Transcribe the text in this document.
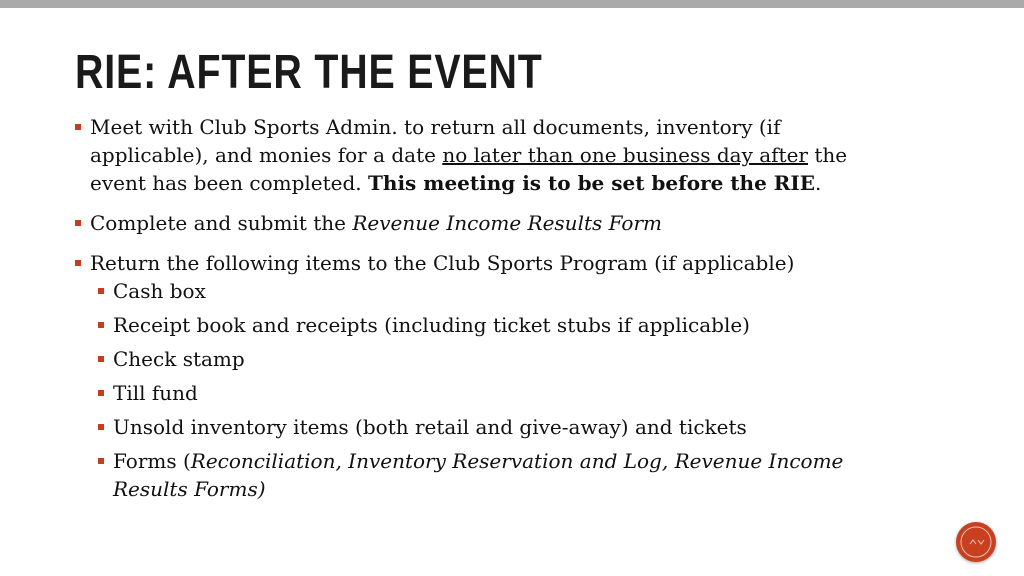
RIE: AFTER THE EVENT
Meet with Club Sports Admin. to return all documents, inventory (if applicable), and monies for a date no later than one business day after the event has been completed. This meeting is to be set before the RIE.
Complete and submit the Revenue Income Results Form
Return the following items to the Club Sports Program (if applicable)
Cash box
Receipt book and receipts (including ticket stubs if applicable)
Check stamp
Till fund
Unsold inventory items (both retail and give-away) and tickets
Forms (Reconciliation, Inventory Reservation and Log, Revenue Income Results Forms)
